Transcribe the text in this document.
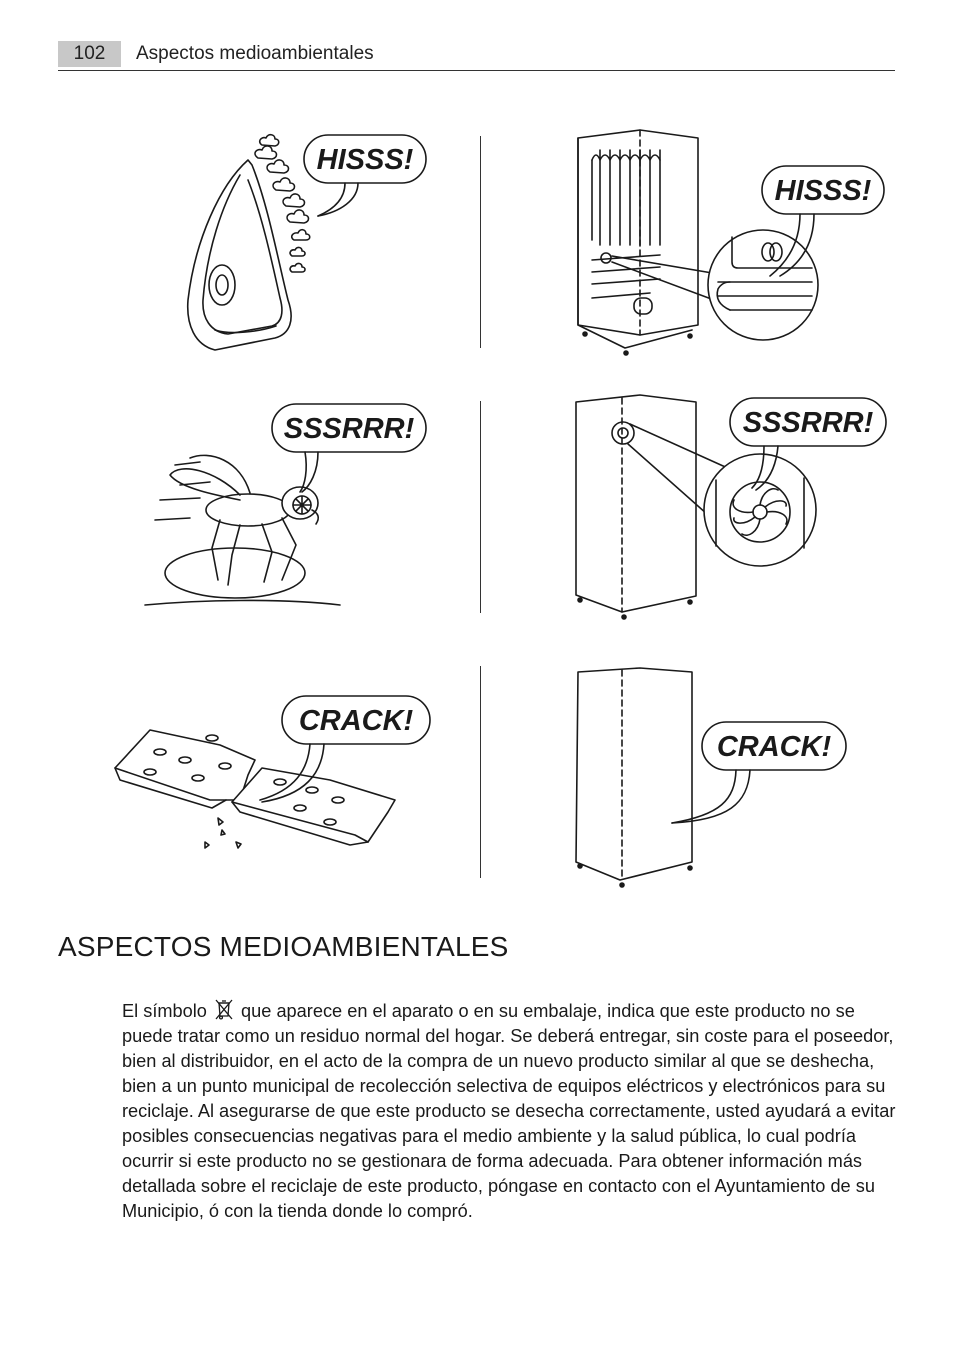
102	Aspectos medioambientales
HISSS!
HISSS!
SSSRRR!	SSSRRR!
CRACK!
CRACK!
ASPECTOS MEDIOAMBIENTALES

El símbolo que aparece en el aparato o en su embalaje, indica que este producto no se puede tratar como un residuo normal del hogar. Se deberá entregar, sin coste para el poseedor, bien al distribuidor, en el acto de la compra de un nuevo producto similar al que se deshecha, bien a un punto municipal de recolección selectiva de equipos eléctricos y electrónicos para su reciclaje. Al asegurarse de que este producto se desecha correctamente, usted ayudará a evitar posibles consecuencias negativas para el medio ambiente y la salud pública, lo cual podría ocurrir si este producto no se gestionara de forma adecuada. Para obtener información más detallada sobre el reciclaje de este producto, póngase en contacto con el Ayuntamiento de su Municipio, ó con la tienda donde lo compró.
